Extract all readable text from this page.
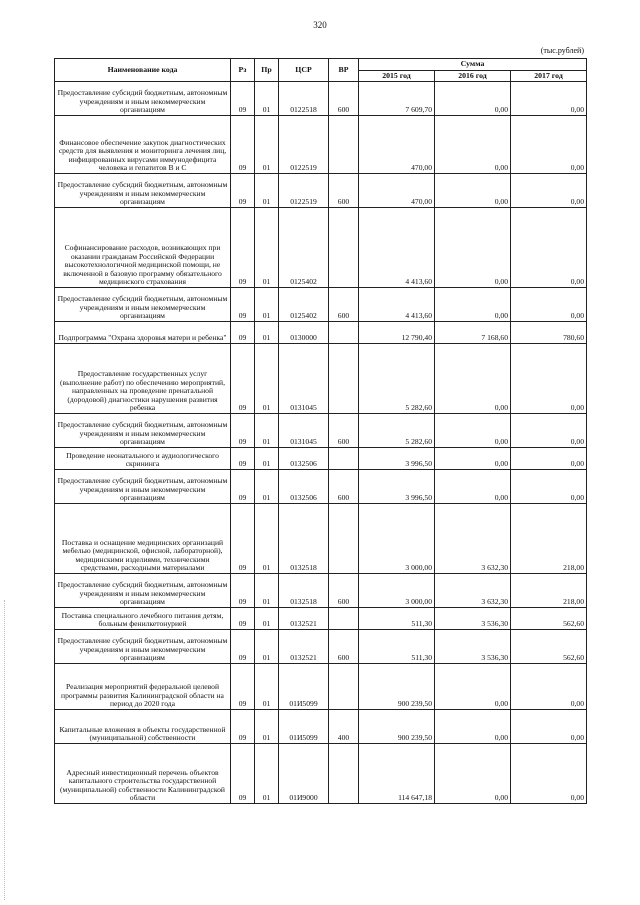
320
(тыс.рублей)
Наименование кода	Рз	Пр	ЦСР	ВР	Сумма		
					2015 год	2016 год	2017 год
Предоставление субсидий бюджетным, автономным учреждениям и иным некоммерческим организациям	09	01	0122518	600	7 609,70	0,00	0,00
Финансовое обеспечение закупок диагностических средств для выявления и мониторинга лечения лиц, инфицированных вирусами иммунодефицита человека и гепатитов В и С	09	01	0122519		470,00	0,00	0,00
Предоставление субсидий бюджетным, автономным учреждениям и иным некоммерческим организациям	09	01	0122519	600	470,00	0,00	0,00
Софинансирование расходов, возникающих при оказании гражданам Российской Федерации высокотехнологичной медицинской помощи, не включенной в базовую программу обязательного медицинского страхования	09	01	0125402		4 413,60	0,00	0,00
Предоставление субсидий бюджетным, автономным учреждениям и иным некоммерческим организациям	09	01	0125402	600	4 413,60	0,00	0,00
Подпрограмма "Охрана здоровья матери и ребенка"	09	01	0130000		12 790,40	7 168,60	780,60
Предоставление государственных услуг (выполнение работ) по обеспечению мероприятий, направленных на проведение пренатальной (дородовой) диагностики нарушения развития ребенка	09	01	0131045		5 282,60	0,00	0,00
Предоставление субсидий бюджетным, автономным учреждениям и иным некоммерческим организациям	09	01	0131045	600	5 282,60	0,00	0,00
Проведение неонатального и аудиологического скрининга	09	01	0132506		3 996,50	0,00	0,00
Предоставление субсидий бюджетным, автономным учреждениям и иным некоммерческим организациям	09	01	0132506	600	3 996,50	0,00	0,00
Поставка и оснащение медицинских организаций мебелью (медицинской, офисной, лабораторной), медицинскими изделиями, техническими средствами, расходными материалами	09	01	0132518		3 000,00	3 632,30	218,00
Предоставление субсидий бюджетным, автономным учреждениям и иным некоммерческим организациям	09	01	0132518	600	3 000,00	3 632,30	218,00
Поставка специального лечебного питания детям, больным фенилкетонурией	09	01	0132521		511,30	3 536,30	562,60
Предоставление субсидий бюджетным, автономным учреждениям и иным некоммерческим организациям	09	01	0132521	600	511,30	3 536,30	562,60
Реализация мероприятий федеральной целевой программы развития Калининградской области на период до 2020 года	09	01	01И5099		900 239,50	0,00	0,00
Капитальные вложения в объекты государственной (муниципальной) собственности	09	01	01И5099	400	900 239,50	0,00	0,00
Адресный инвестиционный перечень объектов капитального строительства государственной (муниципальной) собственности Калининградской области	09	01	01И9000		114 647,18	0,00	0,00
